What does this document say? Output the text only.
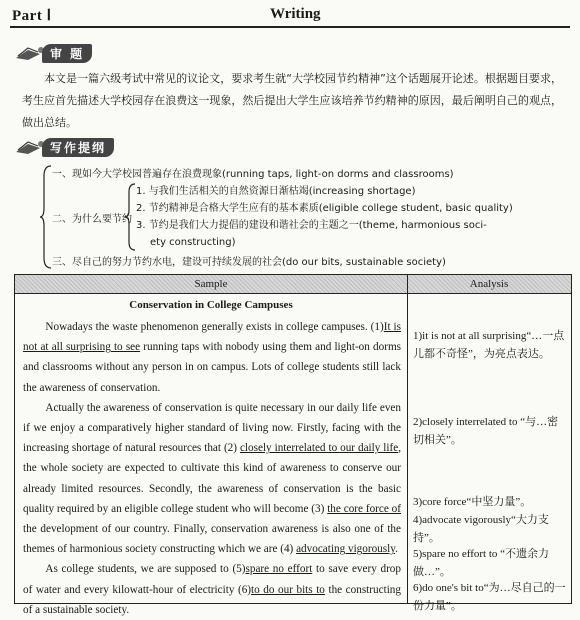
Part Ⅰ	Writing
审 题
本文是一篇六级考试中常见的议论文，要求考生就“大学校园节约精神”这个话题展开论述。根据题目要求，考生应首先描述大学校园存在浪费这一现象，然后提出大学生应该培养节约精神的原因，最后阐明自己的观点，做出总结。
写作提纲
一、现如今大学校园普遍存在浪费现象(running taps, light-on dorms and classrooms)
二、为什么要节约
1. 与我们生活相关的自然资源日渐枯竭(increasing shortage)
2. 节约精神是合格大学生应有的基本素质(eligible college student, basic quality)
3. 节约是我们大力提倡的建设和谐社会的主题之一(theme, harmonious soci-
ety constructing)
三、尽自己的努力节约水电，建设可持续发展的社会(do our bits, sustainable society)
Sample	Analysis
Conservation in College Campuses

Nowadays the waste phenomenon generally exists in college campuses. (1)It is not at all surprising to see running taps with nobody using them and light-on dorms and classrooms without any person in on campus. Lots of college students still lack the awareness of conservation.

Actually the awareness of conservation is quite necessary in our daily life even if we enjoy a comparatively higher standard of living now. Firstly, facing with the increasing shortage of natural resources that (2) closely interrelated to our daily life, the whole society are expected to cultivate this kind of awareness to conserve our already limited resources. Secondly, the awareness of conservation is the basic quality required by an eligible college student who will become (3) the core force of the development of our country. Finally, conservation awareness is also one of the themes of harmonious society constructing which we are (4) advocating vigorously.

As college students, we are supposed to (5)spare no effort to save every drop of water and every kilowatt-hour of electricity (6)to do our bits to the constructing of a sustainable society.

1)it is not at all surprising“…一点儿都不奇怪”，为亮点表达。
2)closely interrelated to “与…密切相关”。
3)core force“中坚力量”。
4)advocate vigorously“大力支持”。
5)spare no effort to “不遗余力做…”。
6)do one's bit to“为…尽自己的一份力量”。
